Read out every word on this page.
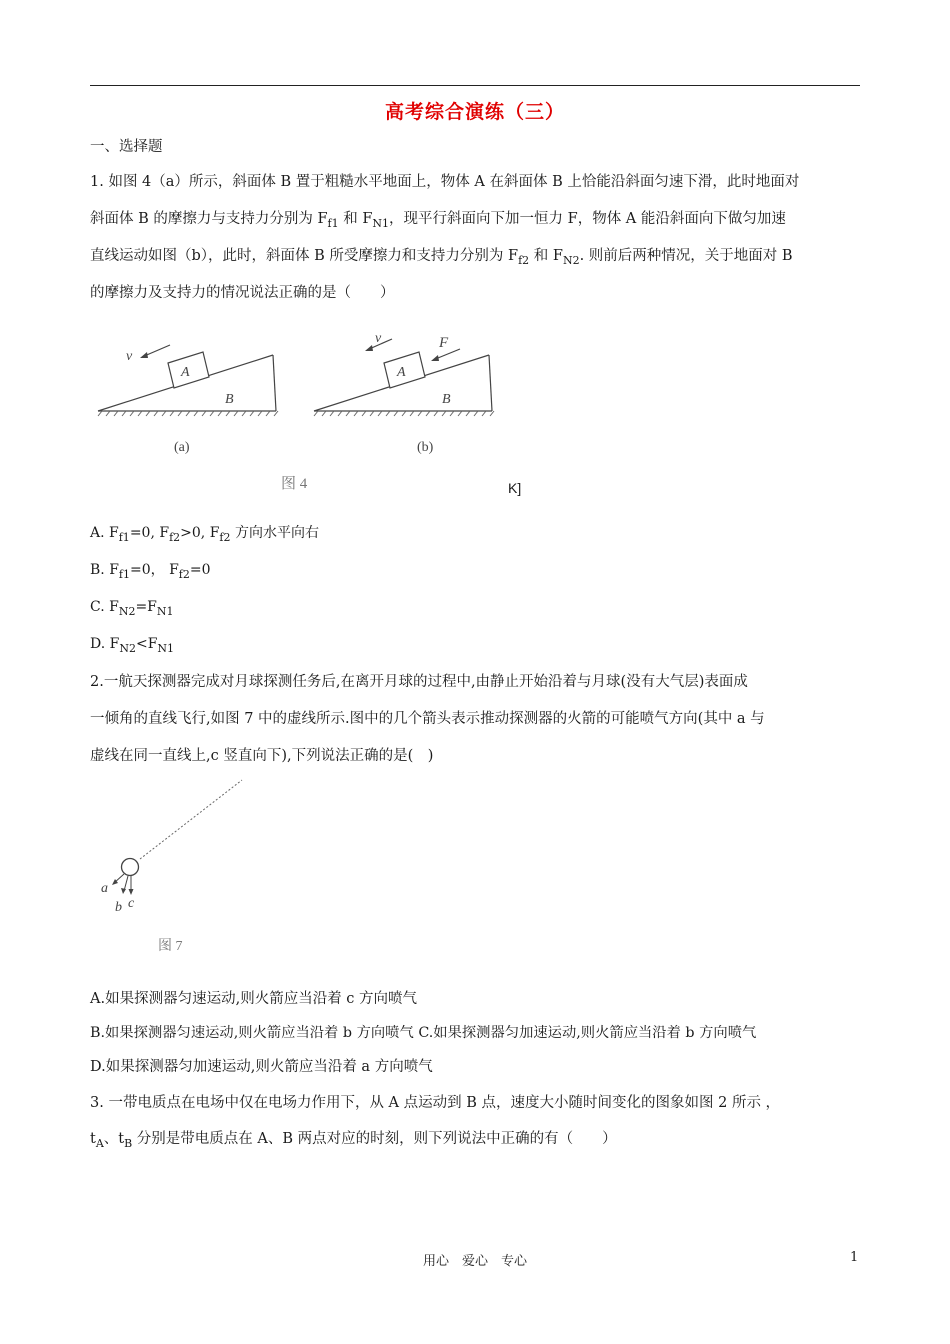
高考综合演练（三）
一、选择题
1. 如图 4（a）所示，斜面体 B 置于粗糙水平地面上，物体 A 在斜面体 B 上恰能沿斜面匀速下滑，此时地面对
斜面体 B 的摩擦力与支持力分别为 $F_{f1}$ 和 $F_{N1}$，现平行斜面向下加一恒力 F，物体 A 能沿斜面向下做匀加速
直线运动如图（b），此时，斜面体 B 所受摩擦力和支持力分别为 $F_{f2}$ 和 $F_{N2}$. 则前后两种情况，关于地面对 B
的摩擦力及支持力的情况说法正确的是（　　）
A
v
B
(a)
A
v	F
B
(b)
图 4	K]
A. $F_{f1}=0$, $F_{f2}>0$, $F_{f2}$ 方向水平向右
B. $F_{f1}=0$， $F_{f2}=0$
C. $F_{N2}=F_{N1}$
D. $F_{N2}<F_{N1}$
2.一航天探测器完成对月球探测任务后,在离开月球的过程中,由静止开始沿着与月球(没有大气层)表面成
一倾角的直线飞行,如图 7 中的虚线所示.图中的几个箭头表示推动探测器的火箭的可能喷气方向(其中 a 与
虚线在同一直线上,c 竖直向下),下列说法正确的是(　)
a
b c
图 7
A.如果探测器匀速运动,则火箭应当沿着 c 方向喷气
B.如果探测器匀速运动,则火箭应当沿着 b 方向喷气 C.如果探测器匀加速运动,则火箭应当沿着 b 方向喷气
D.如果探测器匀加速运动,则火箭应当沿着 a 方向喷气
3. 一带电质点在电场中仅在电场力作用下，从 A 点运动到 B 点，速度大小随时间变化的图象如图 2 所示 ，
$t_A$、$t_B$ 分别是带电质点在 A、B 两点对应的时刻，则下列说法中正确的有（　　）
用心　爱心　专心	1
